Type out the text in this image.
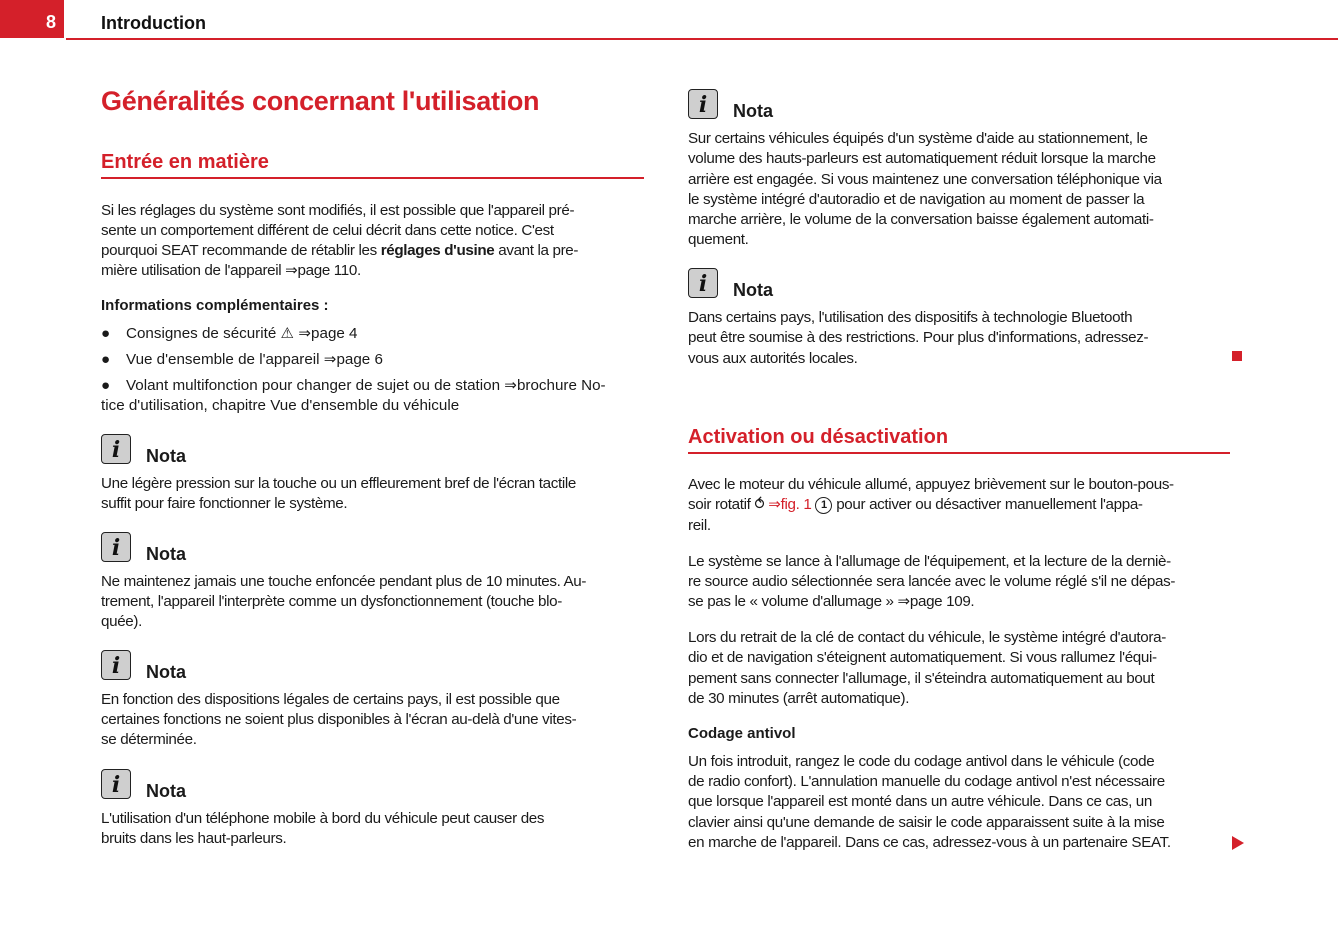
8	Introduction
Généralités concernant l'utilisation
Entrée en matière
Si les réglages du système sont modifiés, il est possible que l'appareil pré-
sente un comportement différent de celui décrit dans cette notice. C'est
pourquoi SEAT recommande de rétablir les réglages d'usine avant la pre-
mière utilisation de l'appareil ⇒page 110.
Informations complémentaires :
● Consignes de sécurité ⚠ ⇒page 4
● Vue d'ensemble de l'appareil ⇒page 6
● Volant multifonction pour changer de sujet ou de station ⇒brochure No-
tice d'utilisation, chapitre Vue d'ensemble du véhicule
i	Nota
Une légère pression sur la touche ou un effleurement bref de l'écran tactile
suffit pour faire fonctionner le système.
i	Nota
Ne maintenez jamais une touche enfoncée pendant plus de 10 minutes. Au-
trement, l'appareil l'interprète comme un dysfonctionnement (touche blo-
quée).
i	Nota
En fonction des dispositions légales de certains pays, il est possible que
certaines fonctions ne soient plus disponibles à l'écran au-delà d'une vites-
se déterminée.
i	Nota
L'utilisation d'un téléphone mobile à bord du véhicule peut causer des
bruits dans les haut-parleurs.
i	Nota
Sur certains véhicules équipés d'un système d'aide au stationnement, le
volume des hauts-parleurs est automatiquement réduit lorsque la marche
arrière est engagée. Si vous maintenez une conversation téléphonique via
le système intégré d'autoradio et de navigation au moment de passer la
marche arrière, le volume de la conversation baisse également automati-
quement.
i	Nota
Dans certains pays, l'utilisation des dispositifs à technologie Bluetooth
peut être soumise à des restrictions. Pour plus d'informations, adressez-
vous aux autorités locales.
Activation ou désactivation
Avec le moteur du véhicule allumé, appuyez brièvement sur le bouton-pous-
soir rotatif ⥀ ⇒fig. 1 1 pour activer ou désactiver manuellement l'appa-
reil.
Le système se lance à l'allumage de l'équipement, et la lecture de la derniè-
re source audio sélectionnée sera lancée avec le volume réglé s'il ne dépas-
se pas le « volume d'allumage » ⇒page 109.
Lors du retrait de la clé de contact du véhicule, le système intégré d'autora-
dio et de navigation s'éteignent automatiquement. Si vous rallumez l'équi-
pement sans connecter l'allumage, il s'éteindra automatiquement au bout
de 30 minutes (arrêt automatique).
Codage antivol
Un fois introduit, rangez le code du codage antivol dans le véhicule (code
de radio confort). L'annulation manuelle du codage antivol n'est nécessaire
que lorsque l'appareil est monté dans un autre véhicule. Dans ce cas, un
clavier ainsi qu'une demande de saisir le code apparaissent suite à la mise
en marche de l'appareil. Dans ce cas, adressez-vous à un partenaire SEAT.
